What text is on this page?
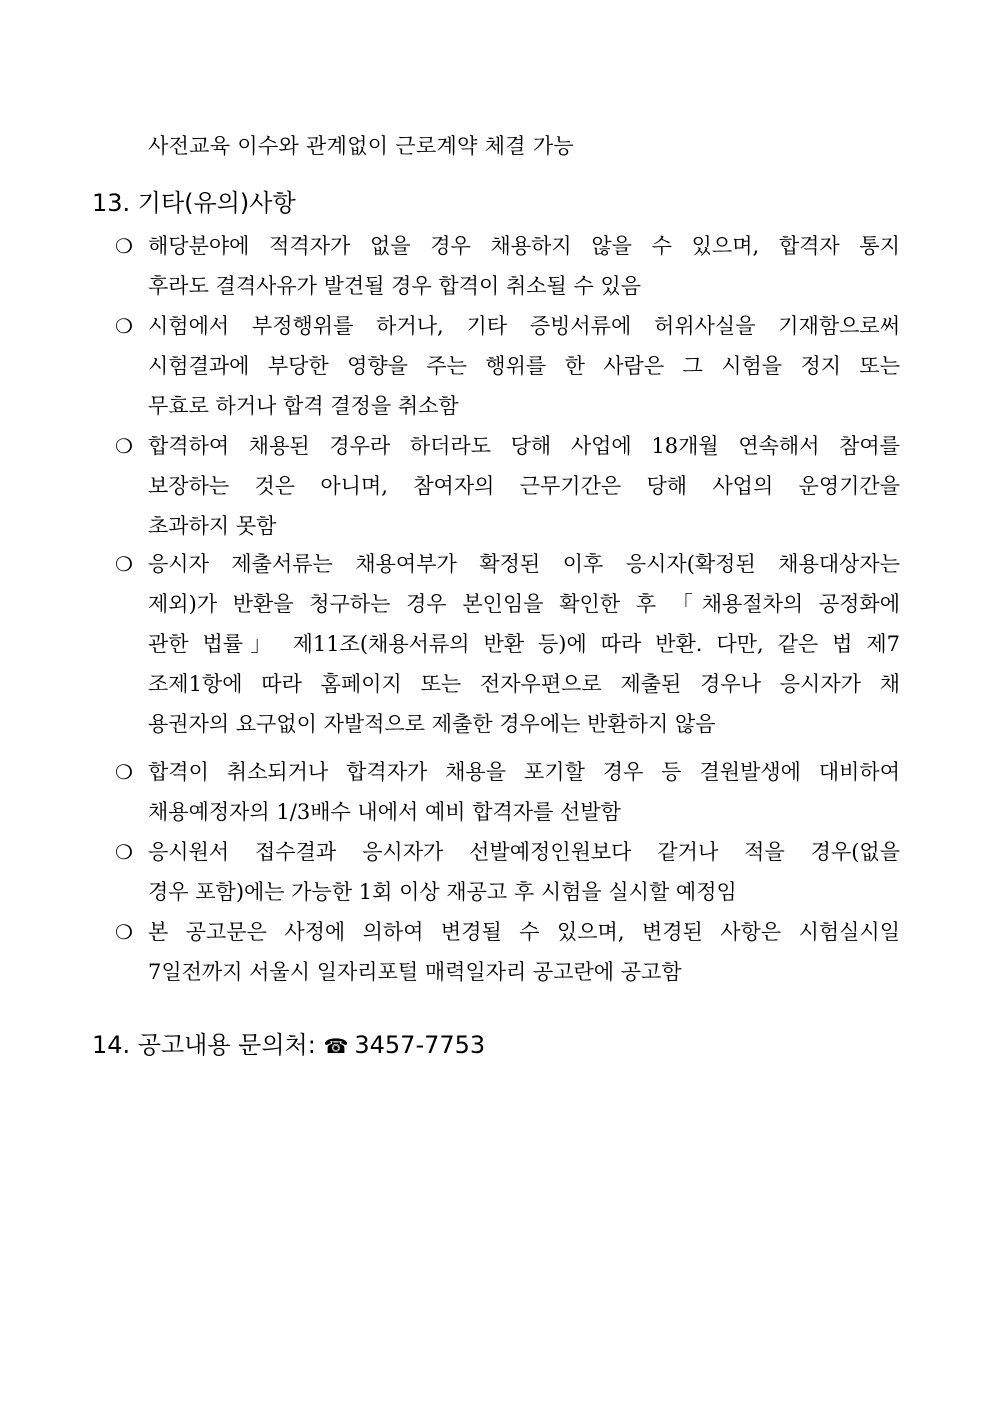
사전교육 이수와 관계없이 근로계약 체결 가능
13. 기타(유의)사항
❍ 해당분야에 적격자가 없을 경우 채용하지 않을 수 있으며, 합격자 통지
후라도 결격사유가 발견될 경우 합격이 취소될 수 있음
❍ 시험에서 부정행위를 하거나, 기타 증빙서류에 허위사실을 기재함으로써
시험결과에 부당한 영향을 주는 행위를 한 사람은 그 시험을 정지 또는
무효로 하거나 합격 결정을 취소함
❍ 합격하여 채용된 경우라 하더라도 당해 사업에 18개월 연속해서 참여를
보장하는 것은 아니며, 참여자의 근무기간은 당해 사업의 운영기간을
초과하지 못함
❍ 응시자 제출서류는 채용여부가 확정된 이후 응시자(확정된 채용대상자는
제외)가 반환을 청구하는 경우 본인임을 확인한 후 「채용절차의 공정화에
관한 법률」 제11조(채용서류의 반환 등)에 따라 반환. 다만, 같은 법 제7
조제1항에 따라 홈페이지 또는 전자우편으로 제출된 경우나 응시자가 채
용권자의 요구없이 자발적으로 제출한 경우에는 반환하지 않음
❍ 합격이 취소되거나 합격자가 채용을 포기할 경우 등 결원발생에 대비하여
채용예정자의 1/3배수 내에서 예비 합격자를 선발함
❍ 응시원서 접수결과 응시자가 선발예정인원보다 같거나 적을 경우(없을
경우 포함)에는 가능한 1회 이상 재공고 후 시험을 실시할 예정임
❍ 본 공고문은 사정에 의하여 변경될 수 있으며, 변경된 사항은 시험실시일
7일전까지 서울시 일자리포털 매력일자리 공고란에 공고함
14. 공고내용 문의처: ☎ 3457-7753
